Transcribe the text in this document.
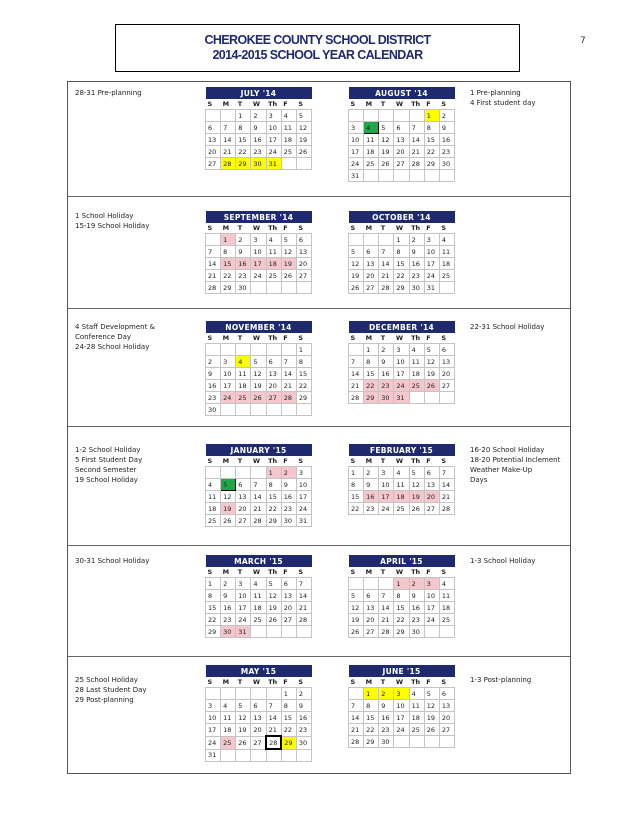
CHEROKEE COUNTY SCHOOL DISTRICT
2014-2015 SCHOOL YEAR CALENDAR
7
JULY '14						
S	M	T	W	Th	F	S
		1	2	3	4	5
6	7	8	9	10	11	12
13	14	15	16	17	18	19
20	21	22	23	24	25	26
27	28	29	30	31		
AUGUST '14						
S	M	T	W	Th	F	S
					1	2
3	4	5	6	7	8	9
10	11	12	13	14	15	16
17	18	19	20	21	22	23
24	25	26	27	28	29	30
31						
SEPTEMBER '14						
S	M	T	W	Th	F	S
	1	2	3	4	5	6
7	8	9	10	11	12	13
14	15	16	17	18	19	20
21	22	23	24	25	26	27
28	29	30				
OCTOBER '14						
S	M	T	W	Th	F	S
			1	2	3	4
5	6	7	8	9	10	11
12	13	14	15	16	17	18
19	20	21	22	23	24	25
26	27	28	29	30	31	
NOVEMBER '14						
S	M	T	W	Th	F	S
						1
2	3	4	5	6	7	8
9	10	11	12	13	14	15
16	17	18	19	20	21	22
23	24	25	26	27	28	29
30						
DECEMBER '14						
S	M	T	W	Th	F	S
	1	2	3	4	5	6
7	8	9	10	11	12	13
14	15	16	17	18	19	20
21	22	23	24	25	26	27
28	29	30	31			
JANUARY '15						
S	M	T	W	Th	F	S
				1	2	3
4	5	6	7	8	9	10
11	12	13	14	15	16	17
18	19	20	21	22	23	24
25	26	27	28	29	30	31
FEBRUARY '15						
S	M	T	W	Th	F	S
1	2	3	4	5	6	7
8	9	10	11	12	13	14
15	16	17	18	19	20	21
22	23	24	25	26	27	28
MARCH '15						
S	M	T	W	Th	F	S
1	2	3	4	5	6	7
8	9	10	11	12	13	14
15	16	17	18	19	20	21
22	23	24	25	26	27	28
29	30	31				
APRIL '15						
S	M	T	W	Th	F	S
			1	2	3	4
5	6	7	8	9	10	11
12	13	14	15	16	17	18
19	20	21	22	23	24	25
26	27	28	29	30		
MAY '15						
S	M	T	W	Th	F	S
					1	2
3	4	5	6	7	8	9
10	11	12	13	14	15	16
17	18	19	20	21	22	23
24	25	26	27	28	29	30
31						
JUNE '15						
S	M	T	W	Th	F	S
	1	2	3	4	5	6
7	8	9	10	11	12	13
14	15	16	17	18	19	20
21	22	23	24	25	26	27
28	29	30				
28-31 Pre-planning
1 School Holiday
15-19 School Holiday
4 Staff Development &
Conference Day
24-28 School Holiday
1-2 School Holiday
5 First Student Day
Second Semester
19 School Holiday
30-31 School Holiday
25 School Holiday
28 Last Student Day
29 Post-planning
1 Pre-planning
4 First student day
22-31 School Holiday
16-20 School Holiday
18-20 Potential Inclement
Weather Make-Up
Days
1-3 School Holiday
1-3 Post-planning
